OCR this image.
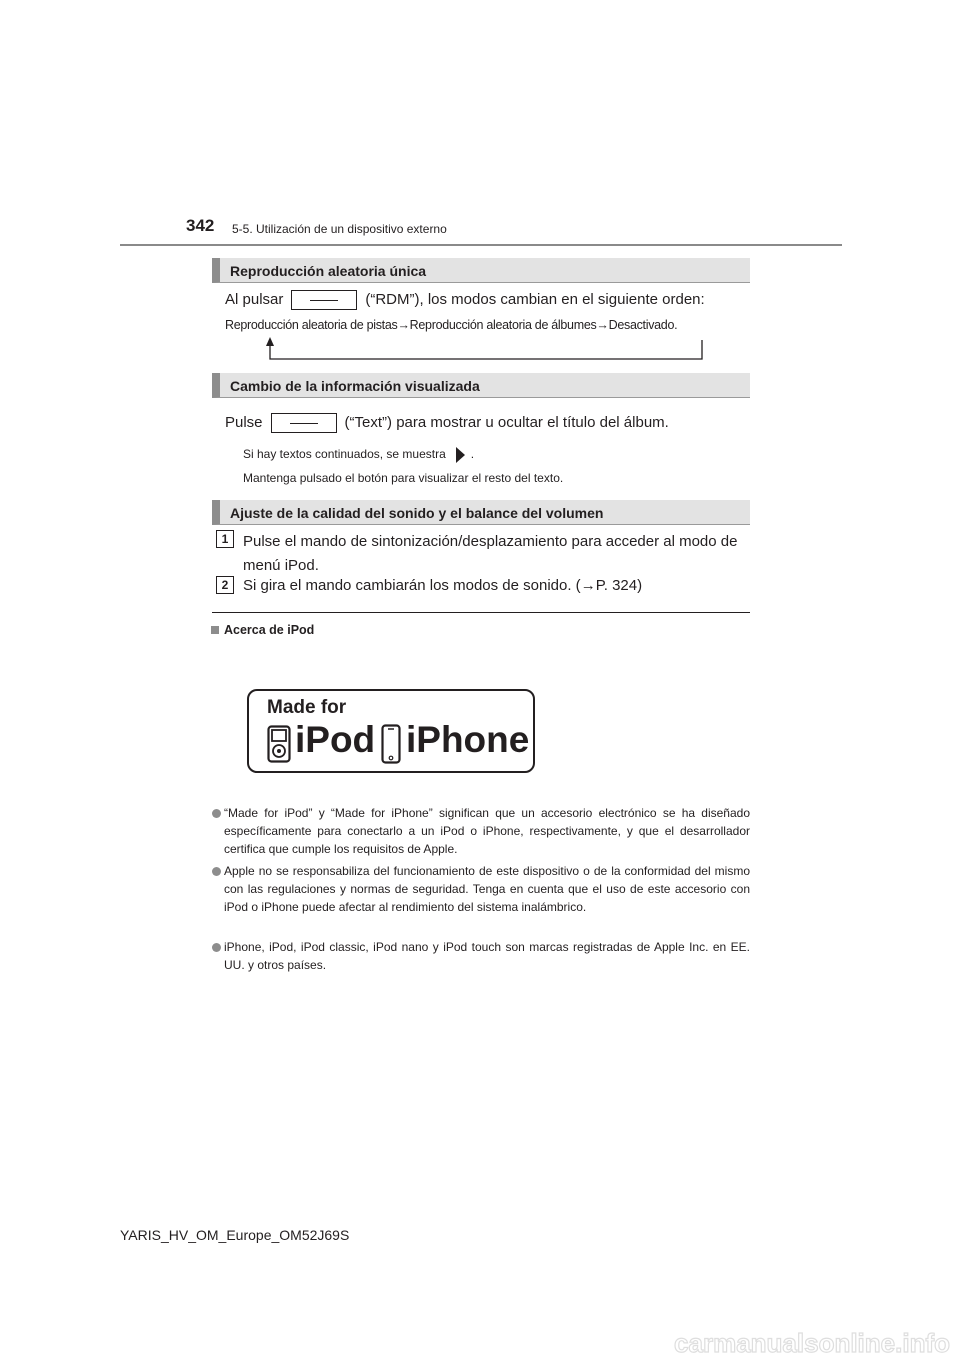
342 5-5. Utilización de un dispositivo externo
Reproducción aleatoria única
Al pulsar	(“RDM”), los modos cambian en el siguiente orden:
Reproducción aleatoria de pistas→Reproducción aleatoria de álbumes→Desactivado.
Cambio de la información visualizada
Pulse	(“Text”) para mostrar u ocultar el título del álbum.
Si hay textos continuados, se muestra .
Mantenga pulsado el botón para visualizar el resto del texto.
Ajuste de la calidad del sonido y el balance del volumen
1 Pulse el mando de sintonización/desplazamiento para acceder al modo de menú iPod.
2 Si gira el mando cambiarán los modos de sonido. (→P. 324)
Acerca de iPod
Made for
iPod iPhone
“Made for iPod” y “Made for iPhone” significan que un accesorio electrónico se ha diseñado específicamente para conectarlo a un iPod o iPhone, respectivamente, y que el desarrollador certifica que cumple los requisitos de Apple.
Apple no se responsabiliza del funcionamiento de este dispositivo o de la conformidad del mismo con las regulaciones y normas de seguridad. Tenga en cuenta que el uso de este accesorio con iPod o iPhone puede afectar al rendimiento del sistema inalámbrico.
iPhone, iPod, iPod classic, iPod nano y iPod touch son marcas registradas de Apple Inc. en EE. UU. y otros países.
YARIS_HV_OM_Europe_OM52J69S
carmanualsonline.info
